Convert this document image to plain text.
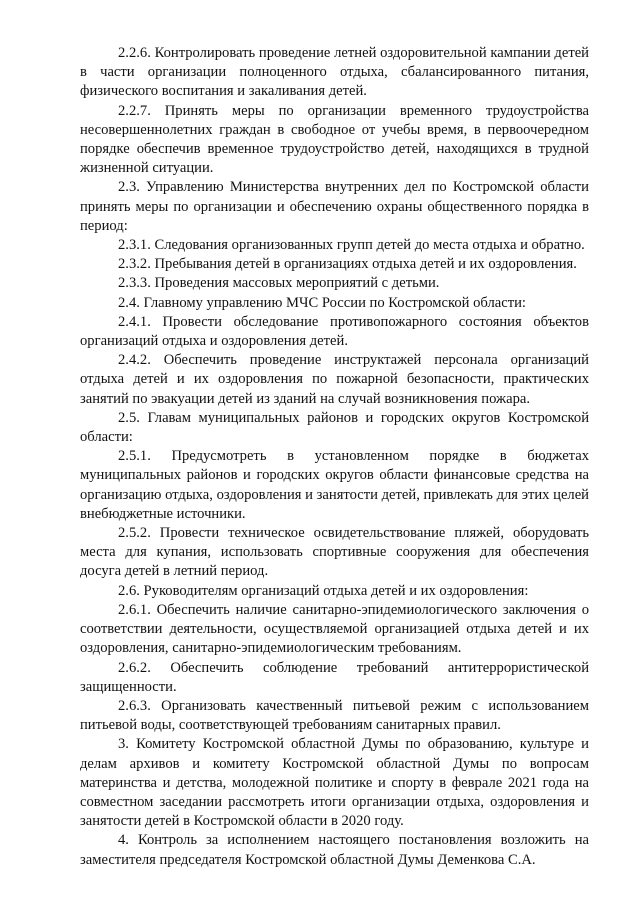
2.2.6. Контролировать проведение летней оздоровительной кампании детей в части организации полноценного отдыха, сбалансированного питания, физического воспитания и закаливания детей.

2.2.7. Принять меры по организации временного трудоустройства несовершеннолетних граждан в свободное от учебы время, в первоочередном порядке обеспечив временное трудоустройство детей, находящихся в трудной жизненной ситуации.

2.3. Управлению Министерства внутренних дел по Костромской области принять меры по организации и обеспечению охраны общественного порядка в период:

2.3.1. Следования организованных групп детей до места отдыха и обратно.

2.3.2. Пребывания детей в организациях отдыха детей и их оздоровления.

2.3.3. Проведения массовых мероприятий с детьми.

2.4. Главному управлению МЧС России по Костромской области:

2.4.1. Провести обследование противопожарного состояния объектов организаций отдыха и оздоровления детей.

2.4.2. Обеспечить проведение инструктажей персонала организаций отдыха детей и их оздоровления по пожарной безопасности, практических занятий по эвакуации детей из зданий на случай возникновения пожара.

2.5. Главам муниципальных районов и городских округов Костромской области:

2.5.1. Предусмотреть в установленном порядке в бюджетах муниципальных районов и городских округов области финансовые средства на организацию отдыха, оздоровления и занятости детей, привлекать для этих целей внебюджетные источники.

2.5.2. Провести техническое освидетельствование пляжей, оборудовать места для купания, использовать спортивные сооружения для обеспечения досуга детей в летний период.

2.6. Руководителям организаций отдыха детей и их оздоровления:

2.6.1. Обеспечить наличие санитарно-эпидемиологического заключения о соответствии деятельности, осуществляемой организацией отдыха детей и их оздоровления, санитарно-эпидемиологическим требованиям.

2.6.2. Обеспечить соблюдение требований антитеррористической защищенности.

2.6.3. Организовать качественный питьевой режим с использованием питьевой воды, соответствующей требованиям санитарных правил.

3. Комитету Костромской областной Думы по образованию, культуре и делам архивов и комитету Костромской областной Думы по вопросам материнства и детства, молодежной политике и спорту в феврале 2021 года на совместном заседании рассмотреть итоги организации отдыха, оздоровления и занятости детей в Костромской области в 2020 году.

4. Контроль за исполнением настоящего постановления возложить на заместителя председателя Костромской областной Думы Деменкова С.А.
